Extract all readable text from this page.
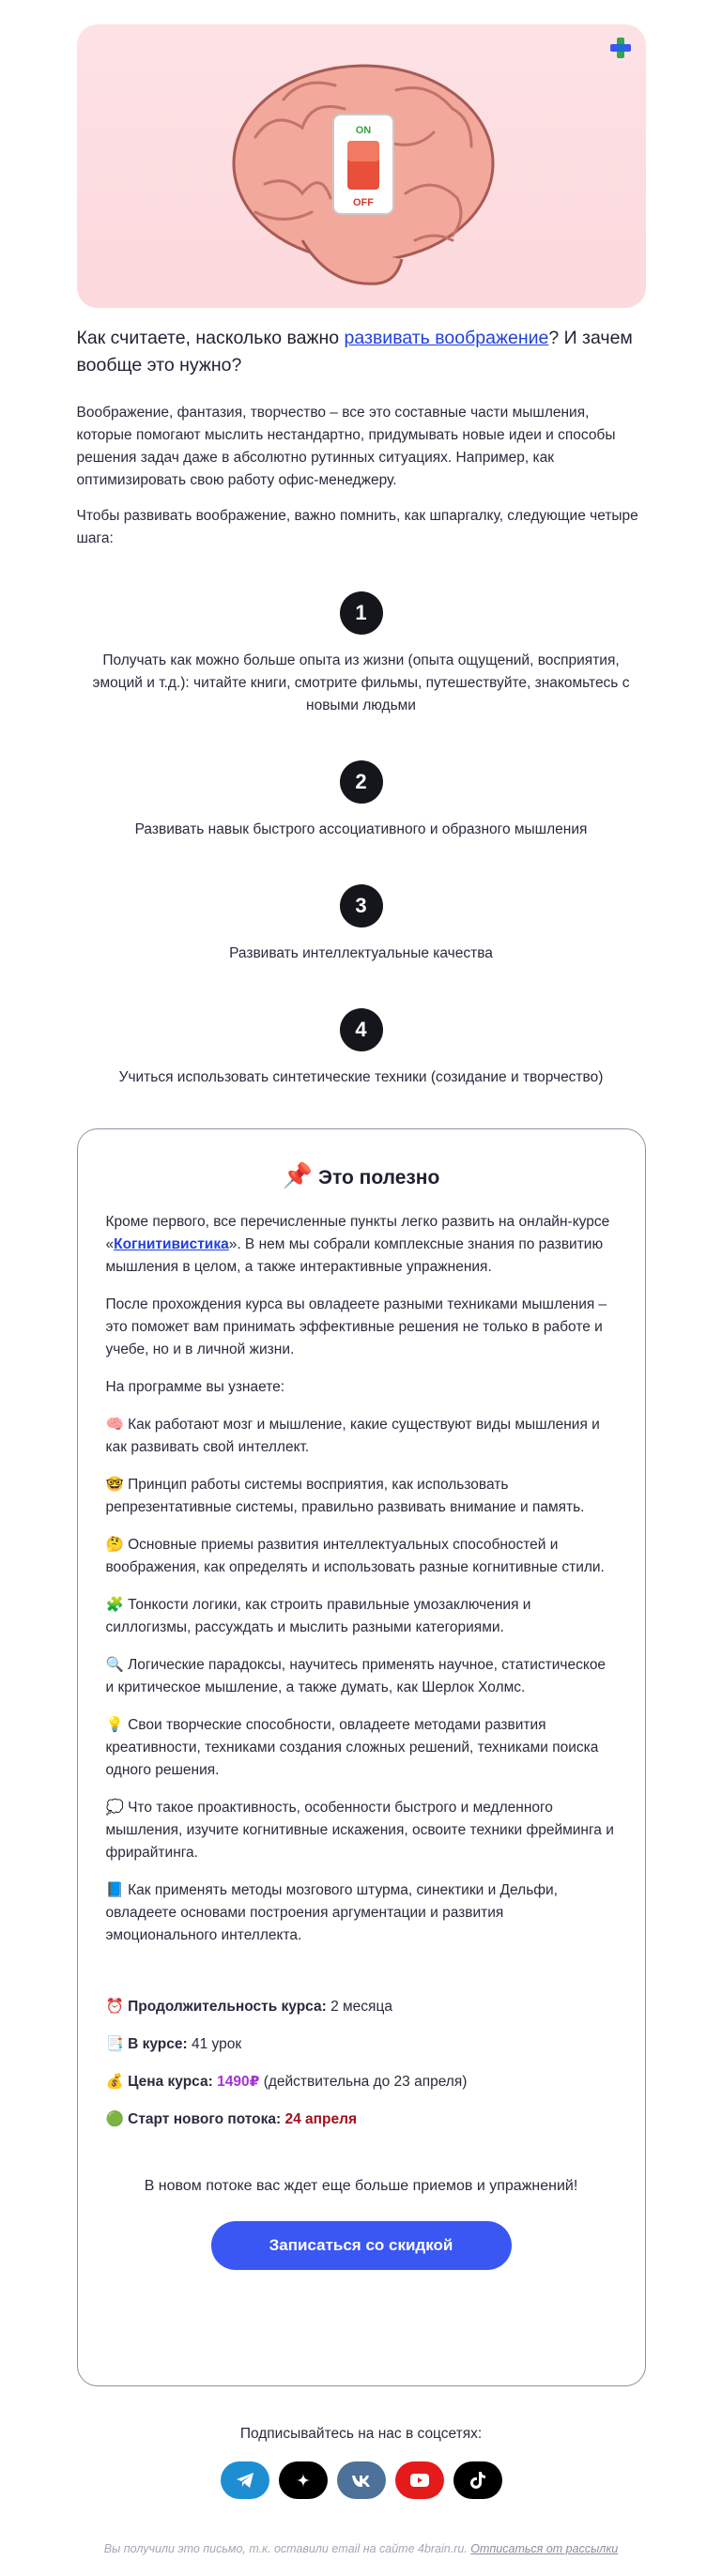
ON
OFF
Как считаете, насколько важно развивать воображение? И зачем вообще это нужно?

Воображение, фантазия, творчество – все это составные части мышления, которые помогают мыслить нестандартно, придумывать новые идеи и способы решения задач даже в абсолютно рутинных ситуациях. Например, как оптимизировать свою работу офис-менеджеру.

Чтобы развивать воображение, важно помнить, как шпаргалку, следующие четыре шага:

1
Получать как можно больше опыта из жизни (опыта ощущений, восприятия, эмоций и т.д.): читайте книги, смотрите фильмы, путешествуйте, знакомьтесь с новыми людьми
2
Развивать навык быстрого ассоциативного и образного мышления
3
Развивать интеллектуальные качества
4
Учиться использовать синтетические техники (созидание и творчество)
📌 Это полезно

Кроме первого, все перечисленные пункты легко развить на онлайн-курсе «Когнитивистика». В нем мы собрали комплексные знания по развитию мышления в целом, а также интерактивные упражнения.

После прохождения курса вы овладеете разными техниками мышления – это поможет вам принимать эффективные решения не только в работе и учебе, но и в личной жизни.

На программе вы узнаете:

🧠 Как работают мозг и мышление, какие существуют виды мышления и как развивать свой интеллект.
🤓 Принцип работы системы восприятия, как использовать репрезентативные системы, правильно развивать внимание и память.
🤔 Основные приемы развития интеллектуальных способностей и воображения, как определять и использовать разные когнитивные стили.
🧩 Тонкости логики, как строить правильные умозаключения и силлогизмы, рассуждать и мыслить разными категориями.
🔍 Логические парадоксы, научитесь применять научное, статистическое и критическое мышление, а также думать, как Шерлок Холмс.
💡 Свои творческие способности, овладеете методами развития креативности, техниками создания сложных решений, техниками поиска одного решения.
💭 Что такое проактивность, особенности быстрого и медленного мышления, изучите когнитивные искажения, освоите техники фрейминга и фрирайтинга.
📘 Как применять методы мозгового штурма, синектики и Дельфи, овладеете основами построения аргументации и развития эмоционального интеллекта.
⏰ Продолжительность курса: 2 месяца
📑 В курсе: 41 урок
💰 Цена курса: 1490₽ (действительна до 23 апреля)
🟢 Старт нового потока: 24 апреля
В новом потоке вас ждет еще больше приемов и упражнений!
Записаться со скидкой
Подписывайтесь на нас в соцсетях:
Вы получили это письмо, т.к. оставили email на сайте 4brain.ru. Отписаться от рассылки
